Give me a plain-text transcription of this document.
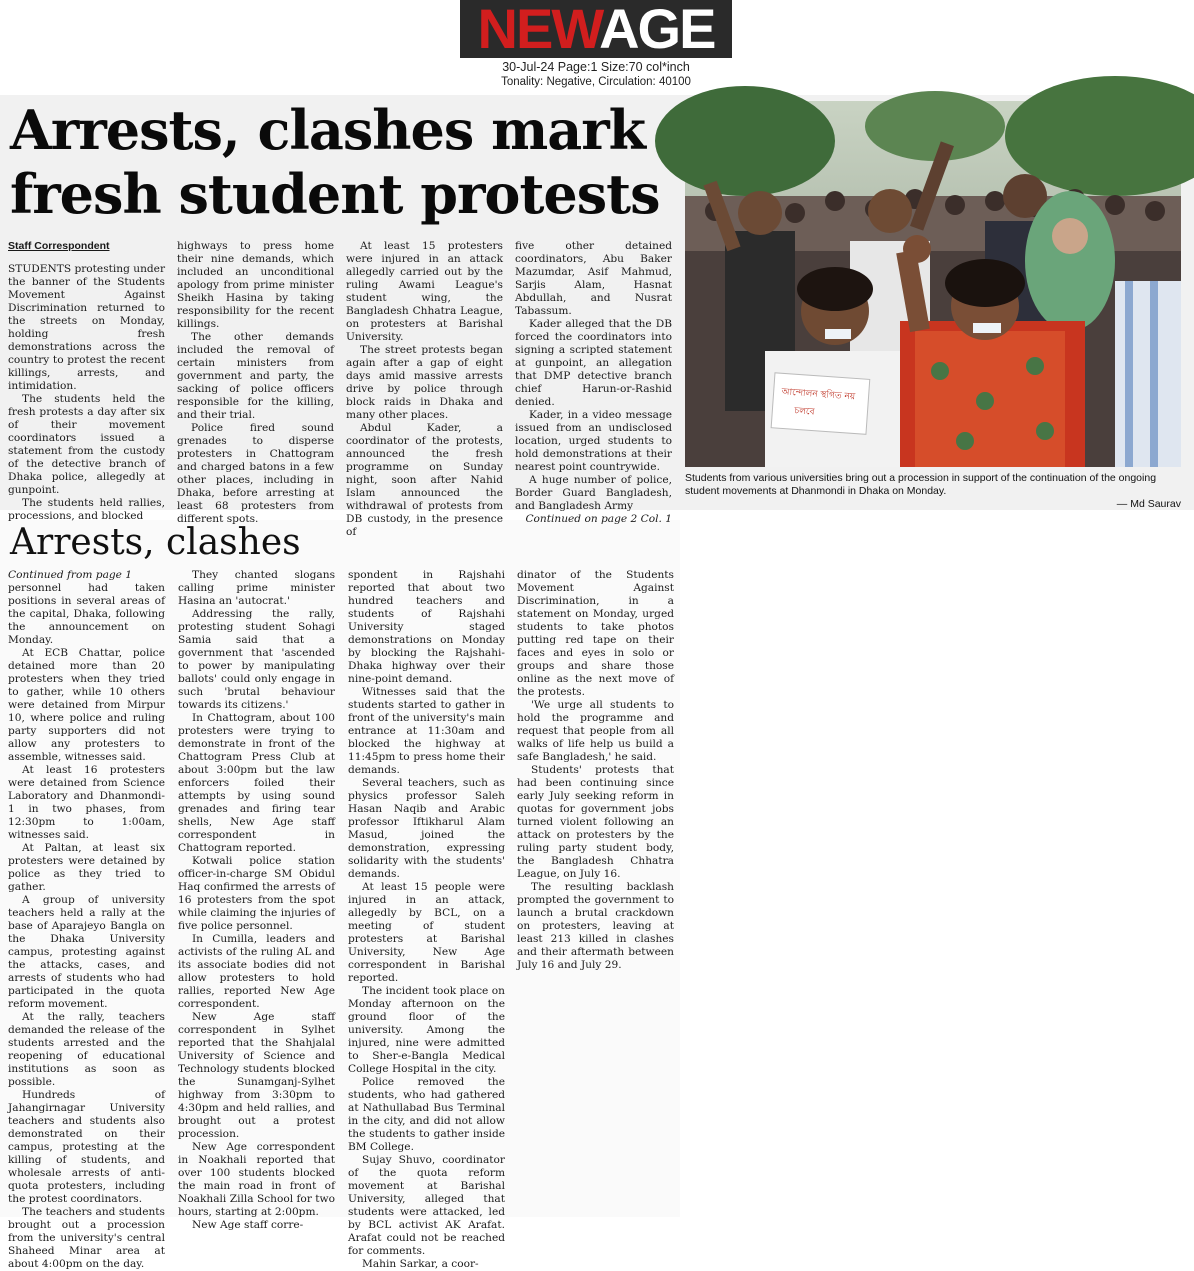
NEWAGE
30-Jul-24 Page:1 Size:70 col*inch
Tonality: Negative, Circulation: 40100
Arrests, clashes mark
fresh student protests

Staff Correspondent

STUDENTS protesting under the banner of the Students Movement Against Discrimination returned to the streets on Monday, holding fresh demonstrations across the country to protest the recent killings, arrests, and intimidation.

The students held the fresh protests a day after six of their movement coordinators issued a statement from the custody of the detective branch of Dhaka police, allegedly at gunpoint.

The students held rallies, processions, and blocked

highways to press home their nine demands, which included an unconditional apology from prime minister Sheikh Hasina by taking responsibility for the recent killings.

The other demands included the removal of certain ministers from government and party, the sacking of police officers responsible for the killing, and their trial.

Police fired sound grenades to disperse protesters in Chattogram and charged batons in a few other places, including in Dhaka, before arresting at least 68 protesters from different spots.

At least 15 protesters were injured in an attack allegedly carried out by the ruling Awami League's student wing, the Bangladesh Chhatra League, on protesters at Barishal University.

The street protests began again after a gap of eight days amid massive arrests drive by police through block raids in Dhaka and many other places.

Abdul Kader, a coordinator of the protests, announced the fresh programme on Sunday night, soon after Nahid Islam announced the withdrawal of protests from DB custody, in the presence of

five other detained coordinators, Abu Baker Mazumdar, Asif Mahmud, Sarjis Alam, Hasnat Abdullah, and Nusrat Tabassum.

Kader alleged that the DB forced the coordinators into signing a scripted statement at gunpoint, an allegation that DMP detective branch chief Harun-or-Rashid denied.

Kader, in a video message issued from an undisclosed location, urged students to hold demonstrations at their nearest point countrywide.

A huge number of police, Border Guard Bangladesh, and Bangladesh Army

Continued on page 2 Col. 1

আন্দোলন স্থগিত নয়
চলবে
Students from various universities bring out a procession in support of the continuation of the ongoing student movements at Dhanmondi in Dhaka on Monday.
— Md Saurav
Arrests, clashes

Continued from page 1

personnel had taken positions in several areas of the capital, Dhaka, following the announcement on Monday.

At ECB Chattar, police detained more than 20 protesters when they tried to gather, while 10 others were detained from Mirpur 10, where police and ruling party supporters did not allow any protesters to assemble, witnesses said.

At least 16 protesters were detained from Science Laboratory and Dhanmondi-1 in two phases, from 12:30pm to 1:00am, witnesses said.

At Paltan, at least six protesters were detained by police as they tried to gather.

A group of university teachers held a rally at the base of Aparajeyo Bangla on the Dhaka University campus, protesting against the attacks, cases, and arrests of students who had participated in the quota reform movement.

At the rally, teachers demanded the release of the students arrested and the reopening of educational institutions as soon as possible.

Hundreds of Jahangirnagar University teachers and students also demonstrated on their campus, protesting at the killing of students, and wholesale arrests of anti-quota protesters, including the protest coordinators.

The teachers and students brought out a procession from the university's central Shaheed Minar area at about 4:00pm on the day.

They chanted slogans calling prime minister Hasina an 'autocrat.'

Addressing the rally, protesting student Sohagi Samia said that a government that 'ascended to power by manipulating ballots' could only engage in such 'brutal behaviour towards its citizens.'

In Chattogram, about 100 protesters were trying to demonstrate in front of the Chattogram Press Club at about 3:00pm but the law enforcers foiled their attempts by using sound grenades and firing tear shells, New Age staff correspondent in Chattogram reported.

Kotwali police station officer-in-charge SM Obidul Haq confirmed the arrests of 16 protesters from the spot while claiming the injuries of five police personnel.

In Cumilla, leaders and activists of the ruling AL and its associate bodies did not allow protesters to hold rallies, reported New Age correspondent.

New Age staff correspondent in Sylhet reported that the Shahjalal University of Science and Technology students blocked the Sunamganj-Sylhet highway from 3:30pm to 4:30pm and held rallies, and brought out a protest procession.

New Age correspondent in Noakhali reported that over 100 students blocked the main road in front of Noakhali Zilla School for two hours, starting at 2:00pm.

New Age staff corre-

spondent in Rajshahi reported that about two hundred teachers and students of Rajshahi University staged demonstrations on Monday by blocking the Rajshahi-Dhaka highway over their nine-point demand.

Witnesses said that the students started to gather in front of the university's main entrance at 11:30am and blocked the highway at 11:45pm to press home their demands.

Several teachers, such as physics professor Saleh Hasan Naqib and Arabic professor Iftikharul Alam Masud, joined the demonstration, expressing solidarity with the students' demands.

At least 15 people were injured in an attack, allegedly by BCL, on a meeting of student protesters at Barishal University, New Age correspondent in Barishal reported.

The incident took place on Monday afternoon on the ground floor of the university. Among the injured, nine were admitted to Sher-e-Bangla Medical College Hospital in the city.

Police removed the students, who had gathered at Nathullabad Bus Terminal in the city, and did not allow the students to gather inside BM College.

Sujay Shuvo, coordinator of the quota reform movement at Barishal University, alleged that students were attacked, led by BCL activist AK Arafat. Arafat could not be reached for comments.

Mahin Sarkar, a coor-

dinator of the Students Movement Against Discrimination, in a statement on Monday, urged students to take photos putting red tape on their faces and eyes in solo or groups and share those online as the next move of the protests.

'We urge all students to hold the programme and request that people from all walks of life help us build a safe Bangladesh,' he said.

Students' protests that had been continuing since early July seeking reform in quotas for government jobs turned violent following an attack on protesters by the ruling party student body, the Bangladesh Chhatra League, on July 16.

The resulting backlash prompted the government to launch a brutal crackdown on protesters, leaving at least 213 killed in clashes and their aftermath between July 16 and July 29.
